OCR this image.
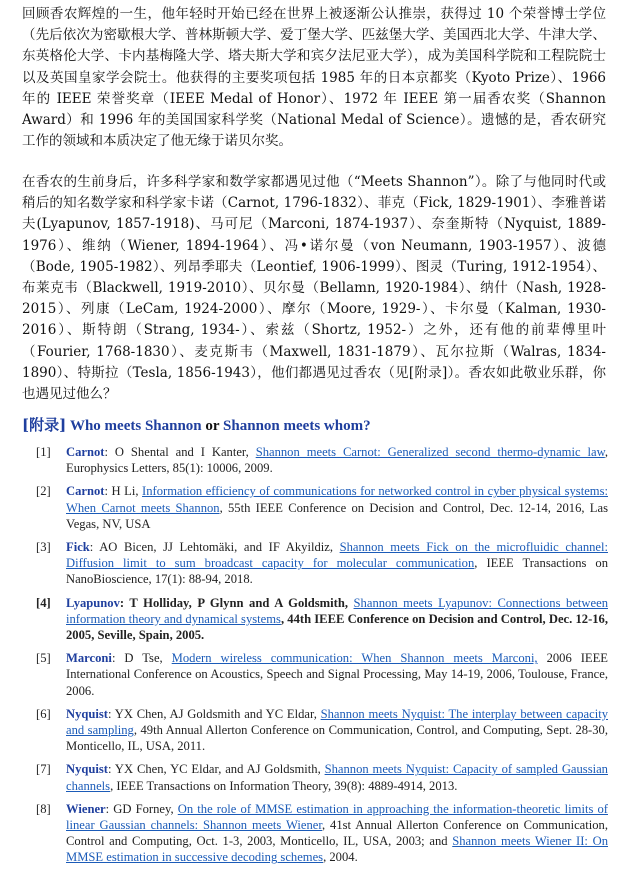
回顾香农辉煌的一生，他年轻时开始已经在世界上被逐渐公认推崇，获得过 10 个荣誉博士学位（先后依次为密歇根大学、普林斯顿大学、爱丁堡大学、匹兹堡大学、美国西北大学、牛津大学、东英格伦大学、卡内基梅隆大学、塔夫斯大学和宾夕法尼亚大学），成为美国科学院和工程院院士以及英国皇家学会院士。他获得的主要奖项包括 1985 年的日本京都奖（Kyoto Prize）、1966 年的 IEEE 荣誉奖章（IEEE Medal of Honor）、1972 年 IEEE 第一届香农奖（Shannon Award）和 1996 年的美国国家科学奖（National Medal of Science）。遗憾的是，香农研究工作的领域和本质决定了他无缘于诺贝尔奖。

在香农的生前身后，许多科学家和数学家都遇见过他（“Meets Shannon”）。除了与他同时代或稍后的知名数学家和科学家卡诺（Carnot, 1796-1832）、菲克（Fick, 1829-1901）、李雅普诺夫(Lyapunov, 1857-1918)、马可尼（Marconi, 1874-1937）、奈奎斯特（Nyquist, 1889-1976）、维纳（Wiener, 1894-1964）、冯•诺尔曼（von Neumann, 1903-1957）、波德（Bode, 1905-1982）、列昂季耶夫（Leontief, 1906-1999）、图灵（Turing, 1912-1954）、布莱克韦（Blackwell, 1919-2010）、贝尔曼（Bellamn, 1920-1984）、纳什（Nash, 1928-2015）、列康（LeCam, 1924-2000）、摩尔（Moore, 1929-）、卡尔曼（Kalman, 1930-2016）、斯特朗（Strang, 1934-）、索兹（Shortz, 1952-）之外，还有他的前辈傅里叶（Fourier, 1768-1830）、麦克斯韦（Maxwell, 1831-1879）、瓦尔拉斯（Walras, 1834-1890）、特斯拉（Tesla, 1856-1943），他们都遇见过香农（见[附录]）。香农如此敬业乐群，你也遇见过他么？

[附录] Who meets Shannon or Shannon meets whom?
[1] Carnot: O Shental and I Kanter, Shannon meets Carnot: Generalized second thermo-dynamic law, Europhysics Letters, 85(1): 10006, 2009.
[2] Carnot: H Li, Information efficiency of communications for networked control in cyber physical systems: When Carnot meets Shannon, 55th IEEE Conference on Decision and Control, Dec. 12-14, 2016, Las Vegas, NV, USA
[3] Fick: AO Bicen, JJ Lehtomäki, and IF Akyildiz, Shannon meets Fick on the microfluidic channel: Diffusion limit to sum broadcast capacity for molecular communication, IEEE Transactions on NanoBioscience, 17(1): 88-94, 2018.
[4] Lyapunov: T Holliday, P Glynn and A Goldsmith, Shannon meets Lyapunov: Connections between information theory and dynamical systems, 44th IEEE Conference on Decision and Control, Dec. 12-16, 2005, Seville, Spain, 2005.
[5] Marconi: D Tse, Modern wireless communication: When Shannon meets Marconi, 2006 IEEE International Conference on Acoustics, Speech and Signal Processing, May 14-19, 2006, Toulouse, France, 2006.
[6] Nyquist: YX Chen, AJ Goldsmith and YC Eldar, Shannon meets Nyquist: The interplay between capacity and sampling, 49th Annual Allerton Conference on Communication, Control, and Computing, Sept. 28-30, Monticello, IL, USA, 2011.
[7] Nyquist: YX Chen, YC Eldar, and AJ Goldsmith, Shannon meets Nyquist: Capacity of sampled Gaussian channels, IEEE Transactions on Information Theory, 39(8): 4889-4914, 2013.
[8] Wiener: GD Forney, On the role of MMSE estimation in approaching the information-theoretic limits of linear Gaussian channels: Shannon meets Wiener, 41st Annual Allerton Conference on Communication, Control and Computing, Oct. 1-3, 2003, Monticello, IL, USA, 2003; and Shannon meets Wiener II: On MMSE estimation in successive decoding schemes, 2004.
